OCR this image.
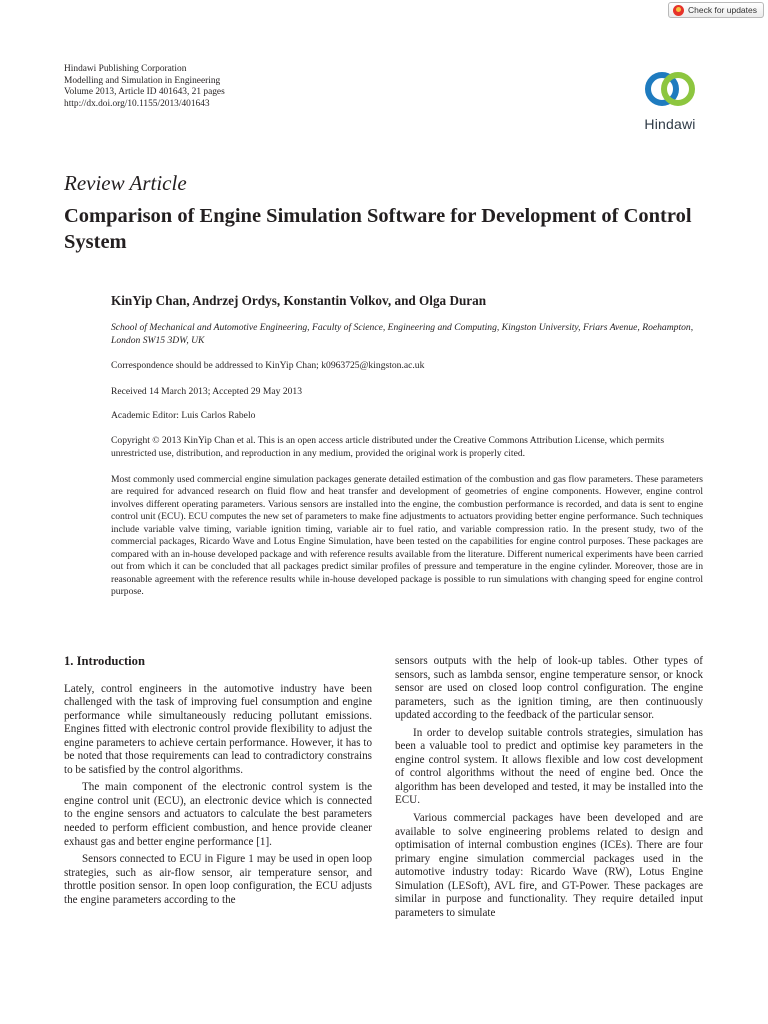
Check for updates
Hindawi Publishing Corporation
Modelling and Simulation in Engineering
Volume 2013, Article ID 401643, 21 pages
http://dx.doi.org/10.1155/2013/401643
Hindawi
Review Article
Comparison of Engine Simulation Software for Development of Control System
KinYip Chan, Andrzej Ordys, Konstantin Volkov, and Olga Duran
School of Mechanical and Automotive Engineering, Faculty of Science, Engineering and Computing, Kingston University, Friars Avenue, Roehampton, London SW15 3DW, UK
Correspondence should be addressed to KinYip Chan; k0963725@kingston.ac.uk
Received 14 March 2013; Accepted 29 May 2013
Academic Editor: Luis Carlos Rabelo
Copyright © 2013 KinYip Chan et al. This is an open access article distributed under the Creative Commons Attribution License, which permits unrestricted use, distribution, and reproduction in any medium, provided the original work is properly cited.
Most commonly used commercial engine simulation packages generate detailed estimation of the combustion and gas flow parameters. These parameters are required for advanced research on fluid flow and heat transfer and development of geometries of engine components. However, engine control involves different operating parameters. Various sensors are installed into the engine, the combustion performance is recorded, and data is sent to engine control unit (ECU). ECU computes the new set of parameters to make fine adjustments to actuators providing better engine performance. Such techniques include variable valve timing, variable ignition timing, variable air to fuel ratio, and variable compression ratio. In the present study, two of the commercial packages, Ricardo Wave and Lotus Engine Simulation, have been tested on the capabilities for engine control purposes. These packages are compared with an in-house developed package and with reference results available from the literature. Different numerical experiments have been carried out from which it can be concluded that all packages predict similar profiles of pressure and temperature in the engine cylinder. Moreover, those are in reasonable agreement with the reference results while in-house developed package is possible to run simulations with changing speed for engine control purpose.
1. Introduction

Lately, control engineers in the automotive industry have been challenged with the task of improving fuel consumption and engine performance while simultaneously reducing pollutant emissions. Engines fitted with electronic control provide flexibility to adjust the engine parameters to achieve certain performance. However, it has to be noted that those requirements can lead to contradictory constrains to be satisfied by the control algorithms.

The main component of the electronic control system is the engine control unit (ECU), an electronic device which is connected to the engine sensors and actuators to calculate the best parameters needed to perform efficient combustion, and hence provide cleaner exhaust gas and better engine performance [1].

Sensors connected to ECU in Figure 1 may be used in open loop strategies, such as air-flow sensor, air temperature sensor, and throttle position sensor. In open loop configuration, the ECU adjusts the engine parameters according to the

sensors outputs with the help of look-up tables. Other types of sensors, such as lambda sensor, engine temperature sensor, or knock sensor are used on closed loop control configuration. The engine parameters, such as the ignition timing, are then continuously updated according to the feedback of the particular sensor.

In order to develop suitable controls strategies, simulation has been a valuable tool to predict and optimise key parameters in the engine control system. It allows flexible and low cost development of control algorithms without the need of engine bed. Once the algorithm has been developed and tested, it may be installed into the ECU.

Various commercial packages have been developed and are available to solve engineering problems related to design and optimisation of internal combustion engines (ICEs). There are four primary engine simulation commercial packages used in the automotive industry today: Ricardo Wave (RW), Lotus Engine Simulation (LESoft), AVL fire, and GT-Power. These packages are similar in purpose and functionality. They require detailed input parameters to simulate
